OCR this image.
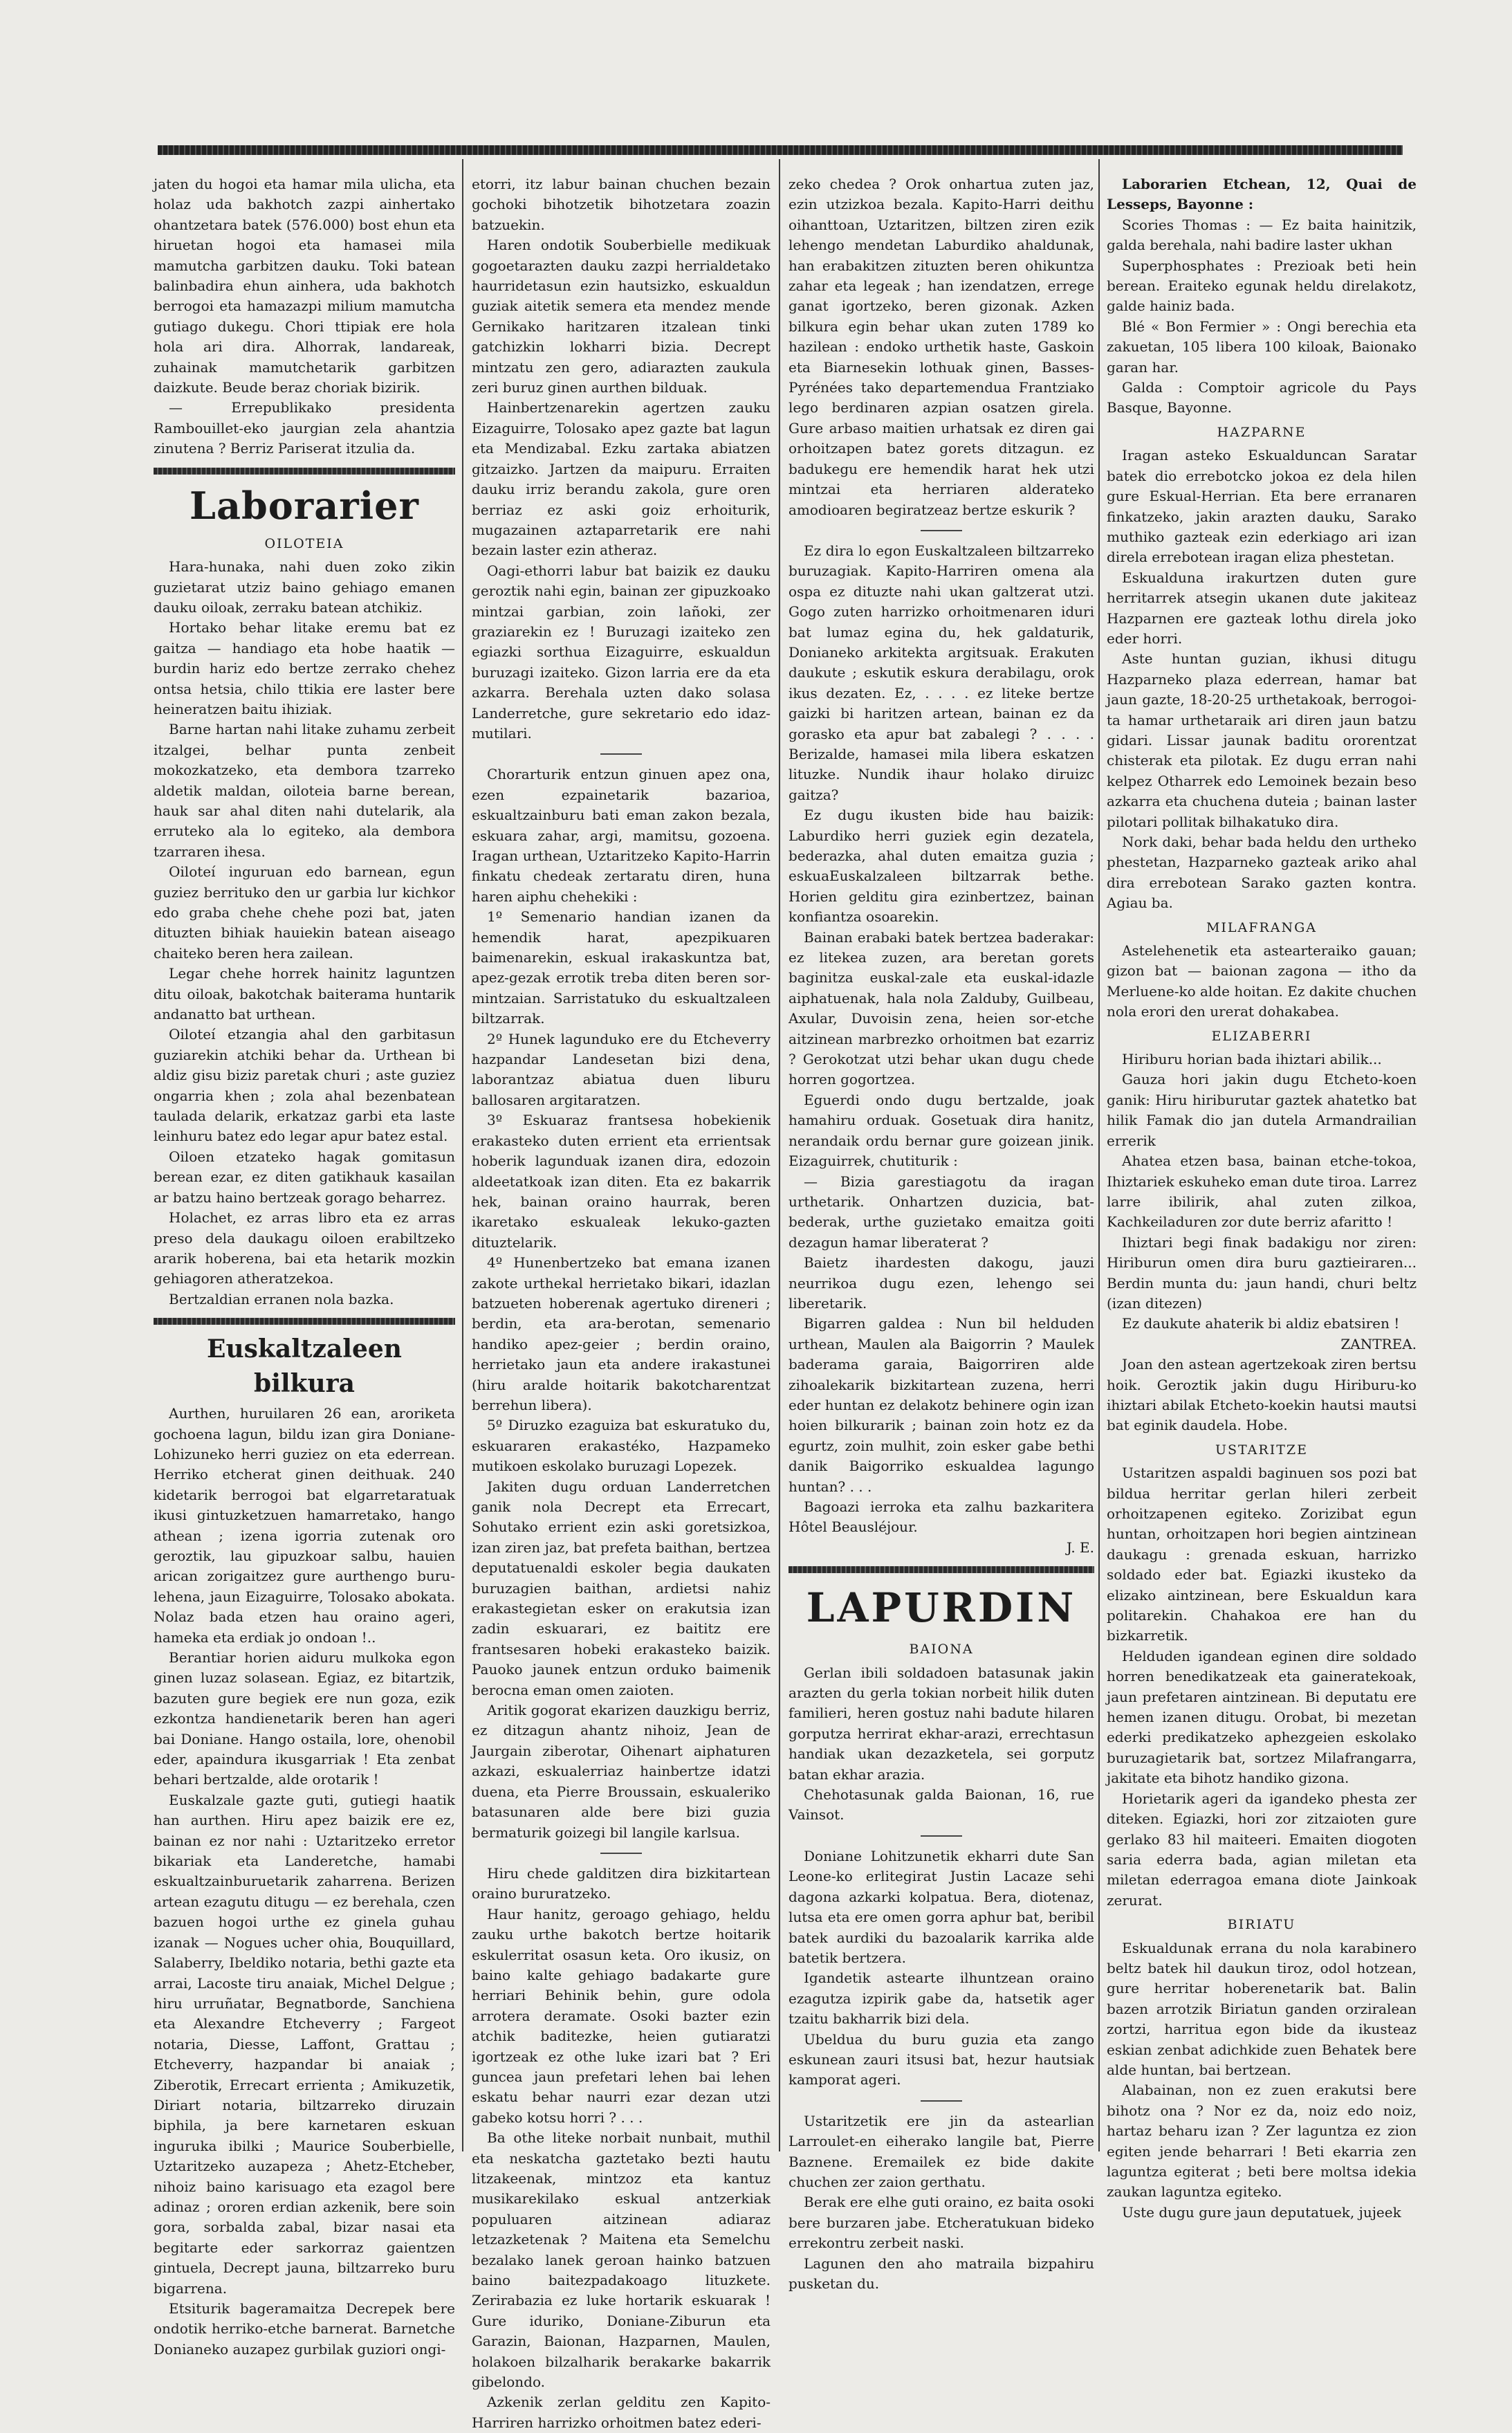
jaten du hogoi eta hamar mila ulicha, eta holaz uda bakhotch zazpi ainhertako ohantzetara batek (576.000) bost ehun eta hiruetan hogoi eta hamasei mila mamutcha garbitzen dauku. Toki batean balinbadira ehun ainhera, uda bakhotch berrogoi eta hamazazpi milium mamutcha gutiago dukegu. Chori ttipiak ere hola hola ari dira. Alhorrak, landareak, zuhainak mamutchetarik garbitzen daizkute. Beude beraz choriak bizirik.

— Errepublikako presidenta Rambouillet-eko jaurgian zela ahantzia zinutena ? Berriz Pariserat itzulia da.

Laborarier

OILOTEIA

Hara-hunaka, nahi duen zoko zikin guzietarat utziz baino gehiago emanen dauku oiloak, zerraku batean atchikiz.

Hortako behar litake eremu bat ez gaitza — handiago eta hobe haatik — burdin hariz edo bertze zerrako chehez ontsa hetsia, chilo ttikia ere laster bere heineratzen baitu ihiziak.

Barne hartan nahi litake zuhamu zerbeit itzalgei, belhar punta zenbeit mokozkatzeko, eta dembora tzarreko aldetik maldan, oiloteia barne berean, hauk sar ahal diten nahi dutelarik, ala erruteko ala lo egiteko, ala dembora tzarraren ihesa.

Oiloteí inguruan edo barnean, egun guziez berrituko den ur garbia lur kichkor edo graba chehe chehe pozi bat, jaten dituzten bihiak hauiekin batean aiseago chaiteko beren hera zailean.

Legar chehe horrek hainitz laguntzen ditu oiloak, bakotchak baiterama huntarik andanatto bat urthean.

Oiloteí etzangia ahal den garbitasun guziarekin atchiki behar da. Urthean bi aldiz gisu biziz paretak churi ; aste guziez ongarria khen ; zola ahal bezenbatean taulada delarik, erkatzaz garbi eta laste leinhuru batez edo legar apur batez estal.

Oiloen etzateko hagak gomitasun berean ezar, ez diten gatikhauk kasailan ar batzu haino bertzeak gorago beharrez.

Holachet, ez arras libro eta ez arras preso dela daukagu oiloen erabiltzeko ararik hoberena, bai eta hetarik mozkin gehiagoren atheratzekoa.

Bertzaldian erranen nola bazka.

Euskaltzaleen bilkura

Aurthen, huruilaren 26 ean, aroriketa gochoena lagun, bildu izan gira Doniane-Lohizuneko herri guziez on eta ederrean. Herriko etcherat ginen deithuak. 240 kidetarik berrogoi bat elgarretaratuak ikusi gintuzketzuen hamarretako, hango athean ; izena igorria zutenak oro geroztik, lau gipuzkoar salbu, hauien arican zorigaitzez gure aurthengo buru-lehena, jaun Eizaguirre, Tolosako abokata. Nolaz bada etzen hau oraino ageri, hameka eta erdiak jo ondoan !..

Berantiar horien aiduru mulkoka egon ginen luzaz solasean. Egiaz, ez bitartzik, bazuten gure begiek ere nun goza, ezik ezkontza handienetarik beren han ageri bai Doniane. Hango ostaila, lore, ohenobil eder, apaindura ikusgarriak ! Eta zenbat behari bertzalde, alde orotarik !

Euskalzale gazte guti, gutiegi haatik han aurthen. Hiru apez baizik ere ez, bainan ez nor nahi : Uztaritzeko erretor bikariak eta Landeretche, hamabi eskualtzainburuetarik zaharrena. Berizen artean ezagutu ditugu — ez berehala, czen bazuen hogoi urthe ez ginela guhau izanak — Nogues ucher ohia, Bouquillard, Salaberry, Ibeldiko notaria, bethi gazte eta arrai, Lacoste tiru anaiak, Michel Delgue ; hiru urruñatar, Begnatborde, Sanchiena eta Alexandre Etcheverry ; Fargeot notaria, Diesse, Laffont, Grattau ; Etcheverry, hazpandar bi anaiak ; Ziberotik, Errecart errienta ; Amikuzetik, Diriart notaria, biltzarreko diruzain biphila, ja bere karnetaren eskuan inguruka ibilki ; Maurice Souberbielle, Uztaritzeko auzapeza ; Ahetz-Etcheber, nihoiz baino karisuago eta ezagol bere adinaz ; ororen erdian azkenik, bere soin gora, sorbalda zabal, bizar nasai eta begitarte eder sarkorraz gaientzen gintuela, Decrept jauna, biltzarreko buru bigarrena.

Etsiturik bageramaitza Decrepek bere ondotik herriko-etche barnerat. Barnetche Donianeko auzapez gurbilak guziori ongi-

etorri, itz labur bainan chuchen bezain gochoki bihotzetik bihotzetara zoazin batzuekin.

Haren ondotik Souberbielle medikuak gogoetarazten dauku zazpi herrialdetako haurridetasun ezin hautsizko, eskualdun guziak aitetik semera eta mendez mende Gernikako haritzaren itzalean tinki gatchizkin lokharri bizia. Decrept mintzatu zen gero, adiarazten zaukula zeri buruz ginen aurthen bilduak.

Hainbertzenarekin agertzen zauku Eizaguirre, Tolosako apez gazte bat lagun eta Mendizabal. Ezku zartaka abiatzen gitzaizko. Jartzen da maipuru. Erraiten dauku irriz berandu zakola, gure oren berriaz ez aski goiz erhoiturik, mugazainen aztaparretarik ere nahi bezain laster ezin atheraz.

Oagi-ethorri labur bat baizik ez dauku geroztik nahi egin, bainan zer gipuzkoako mintzai garbian, zoin lañoki, zer graziarekin ez ! Buruzagi izaiteko zen egiazki sorthua Eizaguirre, eskualdun buruzagi izaiteko. Gizon larria ere da eta azkarra. Berehala uzten dako solasa Landerretche, gure sekretario edo idaz-mutilari.

Chorarturik entzun ginuen apez ona, ezen ezpainetarik bazarioa, eskualtzainburu bati eman zakon bezala, eskuara zahar, argi, mamitsu, gozoena. Iragan urthean, Uztaritzeko Kapito-Harrin finkatu chedeak zertaratu diren, huna haren aiphu chehekiki :

1º Semenario handian izanen da hemendik harat, apezpikuaren baimenarekin, eskual irakaskuntza bat, apez-gezak errotik treba diten beren sor-mintzaian. Sarristatuko du eskualtzaleen biltzarrak.

2º Hunek lagunduko ere du Etcheverry hazpandar Landesetan bizi dena, laborantzaz abiatua duen liburu ballosaren argitaratzen.

3º Eskuaraz frantsesa hobekienik erakasteko duten errient eta errientsak hoberik lagunduak izanen dira, edozoin aldeetatkoak izan diten. Eta ez bakarrik hek, bainan oraino haurrak, beren ikaretako eskualeak lekuko-gazten dituztelarik.

4º Hunenbertzeko bat emana izanen zakote urthekal herrietako bikari, idazlan batzueten hoberenak agertuko direneri ; berdin, eta ara-berotan, semenario handiko apez-geier ; berdin oraino, herrietako jaun eta andere irakastunei (hiru aralde hoitarik bakotcharentzat berrehun libera).

5º Diruzko ezaguiza bat eskuratuko du, eskuararen erakastéko, Hazpameko mutikoen eskolako buruzagi Lopezek.

Jakiten dugu orduan Landerretchen ganik nola Decrept eta Errecart, Sohutako errient ezin aski goretsizkoa, izan ziren jaz, bat prefeta baithan, bertzea deputatuenaldi eskoler begia daukaten buruzagien baithan, ardietsi nahiz erakastegietan esker on erakutsia izan zadin eskuarari, ez baititz ere frantsesaren hobeki erakasteko baizik. Pauoko jaunek entzun orduko baimenik berocna eman omen zaioten.

Aritik gogorat ekarizen dauzkigu berriz, ez ditzagun ahantz nihoiz, Jean de Jaurgain ziberotar, Oihenart aiphaturen azkazi, eskualerriaz hainbertze idatzi duena, eta Pierre Broussain, eskualeriko batasunaren alde bere bizi guzia bermaturik goizegi bil langile karlsua.

Hiru chede galditzen dira bizkitartean oraino bururatzeko.

Haur hanitz, geroago gehiago, heldu zauku urthe bakotch bertze hoitarik eskulerritat osasun keta. Oro ikusiz, on baino kalte gehiago badakarte gure herriari Behinik behin, gure odola arrotera deramate. Osoki bazter ezin atchik baditezke, heien gutiaratzi igortzeak ez othe luke izari bat ? Eri guncea jaun prefetari lehen bai lehen eskatu behar naurri ezar dezan utzi gabeko kotsu horri ? . . .

Ba othe liteke norbait nunbait, muthil eta neskatcha gaztetako bezti hautu litzakeenak, mintzoz eta kantuz musikarekilako eskual antzerkiak populuaren aitzinean adiaraz letzazketenak ? Maitena eta Semelchu bezalako lanek geroan hainko batzuen baino baitezpadakoago lituzkete. Zerirabazia ez luke hortarik eskuarak ! Gure iduriko, Doniane-Ziburun eta Garazin, Baionan, Hazparnen, Maulen, holakoen bilzalharik berakarke bakarrik gibelondo.

Azkenik zerlan gelditu zen Kapito-Harriren harrizko orhoitmen batez ederi-

zeko chedea ? Orok onhartua zuten jaz, ezin utzizkoa bezala. Kapito-Harri deithu oihanttoan, Uztaritzen, biltzen ziren ezik lehengo mendetan Laburdiko ahaldunak, han erabakitzen zituzten beren ohikuntza zahar eta legeak ; han izendatzen, errege ganat igortzeko, beren gizonak. Azken bilkura egin behar ukan zuten 1789 ko hazilean : endoko urthetik haste, Gaskoin eta Biarnesekin lothuak ginen, Basses-Pyrénées tako departemendua Frantziako lego berdinaren azpian osatzen girela. Gure arbaso maitien urhatsak ez diren gai orhoitzapen batez gorets ditzagun. ez badukegu ere hemendik harat hek utzi mintzai eta herriaren alderateko amodioaren begiratzeaz bertze eskurik ?

Ez dira lo egon Euskaltzaleen biltzarreko buruzagiak. Kapito-Harriren omena ala ospa ez dituzte nahi ukan galtzerat utzi. Gogo zuten harrizko orhoitmenaren iduri bat lumaz egina du, hek galdaturik, Donianeko arkitekta argitsuak. Erakuten daukute ; eskutik eskura derabilagu, orok ikus dezaten. Ez, . . . . ez liteke bertze gaizki bi haritzen artean, bainan ez da gorasko eta apur bat zabalegi ? . . . . Berizalde, hamasei mila libera eskatzen lituzke. Nundik ihaur holako diruizc gaitza?

Ez dugu ikusten bide hau baizik: Laburdiko herri guziek egin dezatela, bederazka, ahal duten emaitza guzia ; eskuaEuskalzaleen biltzarrak bethe. Horien gelditu gira ezinbertzez, bainan konfiantza osoarekin.

Bainan erabaki batek bertzea baderakar: ez litekea zuzen, ara beretan gorets baginitza euskal-zale eta euskal-idazle aiphatuenak, hala nola Zalduby, Guilbeau, Axular, Duvoisin zena, heien sor-etche aitzinean marbrezko orhoitmen bat ezarriz ? Gerokotzat utzi behar ukan dugu chede horren gogortzea.

Eguerdi ondo dugu bertzalde, joak hamahiru orduak. Gosetuak dira hanitz, nerandaik ordu bernar gure goizean jinik. Eizaguirrek, chutiturik :

— Bizia garestiagotu da iragan urthetarik. Onhartzen duzicia, bat-bederak, urthe guzietako emaitza goiti dezagun hamar liberaterat ?

Baietz ihardesten dakogu, jauzi neurrikoa dugu ezen, lehengo sei liberetarik.

Bigarren galdea : Nun bil helduden urthean, Maulen ala Baigorrin ? Maulek baderama garaia, Baigorriren alde zihoalekarik bizkitartean zuzena, herri eder huntan ez delakotz behinere ogin izan hoien bilkurarik ; bainan zoin hotz ez da egurtz, zoin mulhit, zoin esker gabe bethi danik Baigorriko eskualdea lagungo huntan? . . .

Bagoazi ierroka eta zalhu bazkaritera Hôtel Beausléjour.

J. E.

LAPURDIN

BAIONA

Gerlan ibili soldadoen batasunak jakin arazten du gerla tokian norbeit hilik duten familieri, heren gostuz nahi badute hilaren gorputza herrirat ekhar-arazi, errechtasun handiak ukan dezazketela, sei gorputz batan ekhar arazia.

Chehotasunak galda Baionan, 16, rue Vainsot.

Doniane Lohitzunetik ekharri dute San Leone-ko erlitegirat Justin Lacaze sehi dagona azkarki kolpatua. Bera, diotenaz, lutsa eta ere omen gorra aphur bat, beribil batek aurdiki du bazoalarik karrika alde batetik bertzera.

Igandetik astearte ilhuntzean oraino ezagutza izpirik gabe da, hatsetik ager tzaitu bakharrik bizi dela.

Ubeldua du buru guzia eta zango eskunean zauri itsusi bat, hezur hautsiak kamporat ageri.

Ustaritzetik ere jin da astearlian Larroulet-en eiherako langile bat, Pierre Baznene. Eremailek ez bide dakite chuchen zer zaion gerthatu.

Berak ere elhe guti oraino, ez baita osoki bere burzaren jabe. Etcheratukuan bideko errekontru zerbeit naski.

Lagunen den aho matraila bizpahiru pusketan du.

Laborarien Etchean, 12, Quai de Lesseps, Bayonne :

Scories Thomas : — Ez baita hainitzik, galda berehala, nahi badire laster ukhan

Superphosphates : Prezioak beti hein berean. Eraiteko egunak heldu direlakotz, galde hainiz bada.

Blé « Bon Fermier » : Ongi berechia eta zakuetan, 105 libera 100 kiloak, Baionako garan har.

Galda : Comptoir agricole du Pays Basque, Bayonne.

HAZPARNE

Iragan asteko Eskualduncan Saratar batek dio errebotcko jokoa ez dela hilen gure Eskual-Herrian. Eta bere erranaren finkatzeko, jakin arazten dauku, Sarako muthiko gazteak ezin ederkiago ari izan direla errebotean iragan eliza phestetan.

Eskualduna irakurtzen duten gure herritarrek atsegin ukanen dute jakiteaz Hazparnen ere gazteak lothu direla joko eder horri.

Aste huntan guzian, ikhusi ditugu Hazparneko plaza ederrean, hamar bat jaun gazte, 18-20-25 urthetakoak, berrogoi-ta hamar urthetaraik ari diren jaun batzu gidari. Lissar jaunak baditu ororentzat chisterak eta pilotak. Ez dugu erran nahi kelpez Otharrek edo Lemoinek bezain beso azkarra eta chuchena duteia ; bainan laster pilotari pollitak bilhakatuko dira.

Nork daki, behar bada heldu den urtheko phestetan, Hazparneko gazteak ariko ahal dira errebotean Sarako gazten kontra. Agiau ba.

MILAFRANGA

Astelehenetik eta astearteraiko gauan; gizon bat — baionan zagona — itho da Merluene-ko alde hoitan. Ez dakite chuchen nola erori den urerat dohakabea.

ELIZABERRI

Hiriburu horian bada ihiztari abilik...

Gauza hori jakin dugu Etcheto-koen ganik: Hiru hiriburutar gaztek ahatetko bat hilik Famak dio jan dutela Armandrailian errerik

Ahatea etzen basa, bainan etche-tokoa, Ihiztariek eskuheko eman dute tiroa. Larrez larre ibilirik, ahal zuten zilkoa, Kachkeiladuren zor dute berriz afaritto !

Ihiztari begi finak badakigu nor ziren: Hiriburun omen dira buru gaztieiraren... Berdin munta du: jaun handi, churi beltz (izan ditezen)

Ez daukute ahaterik bi aldiz ebatsiren !

ZANTREA.

Joan den astean agertzekoak ziren bertsu hoik. Geroztik jakin dugu Hiriburu-ko ihiztari abilak Etcheto-koekin hautsi mautsi bat eginik daudela. Hobe.

USTARITZE

Ustaritzen aspaldi baginuen sos pozi bat bildua herritar gerlan hileri zerbeit orhoitzapenen egiteko. Zorizibat egun huntan, orhoitzapen hori begien aintzinean daukagu : grenada eskuan, harrizko soldado eder bat. Egiazki ikusteko da elizako aintzinean, bere Eskualdun kara politarekin. Chahakoa ere han du bizkarretik.

Helduden igandean eginen dire soldado horren benedikatzeak eta gaineratekoak, jaun prefetaren aintzinean. Bi deputatu ere hemen izanen ditugu. Orobat, bi mezetan ederki predikatzeko aphezgeien eskolako buruzagietarik bat, sortzez Milafrangarra, jakitate eta bihotz handiko gizona.

Horietarik ageri da igandeko phesta zer diteken. Egiazki, hori zor zitzaioten gure gerlako 83 hil maiteeri. Emaiten diogoten saria ederra bada, agian miletan eta miletan ederragoa emana diote Jainkoak zerurat.

BIRIATU

Eskualdunak errana du nola karabinero beltz batek hil daukun tiroz, odol hotzean, gure herritar hoberenetarik bat. Balin bazen arrotzik Biriatun ganden orziralean zortzi, harritua egon bide da ikusteaz eskian zenbat adichkide zuen Behatek bere alde huntan, bai bertzean.

Alabainan, non ez zuen erakutsi bere bihotz ona ? Nor ez da, noiz edo noiz, hartaz beharu izan ? Zer laguntza ez zion egiten jende beharrari ! Beti ekarria zen laguntza egiterat ; beti bere moltsa idekia zaukan laguntza egiteko.

Uste dugu gure jaun deputatuek, jujeek
